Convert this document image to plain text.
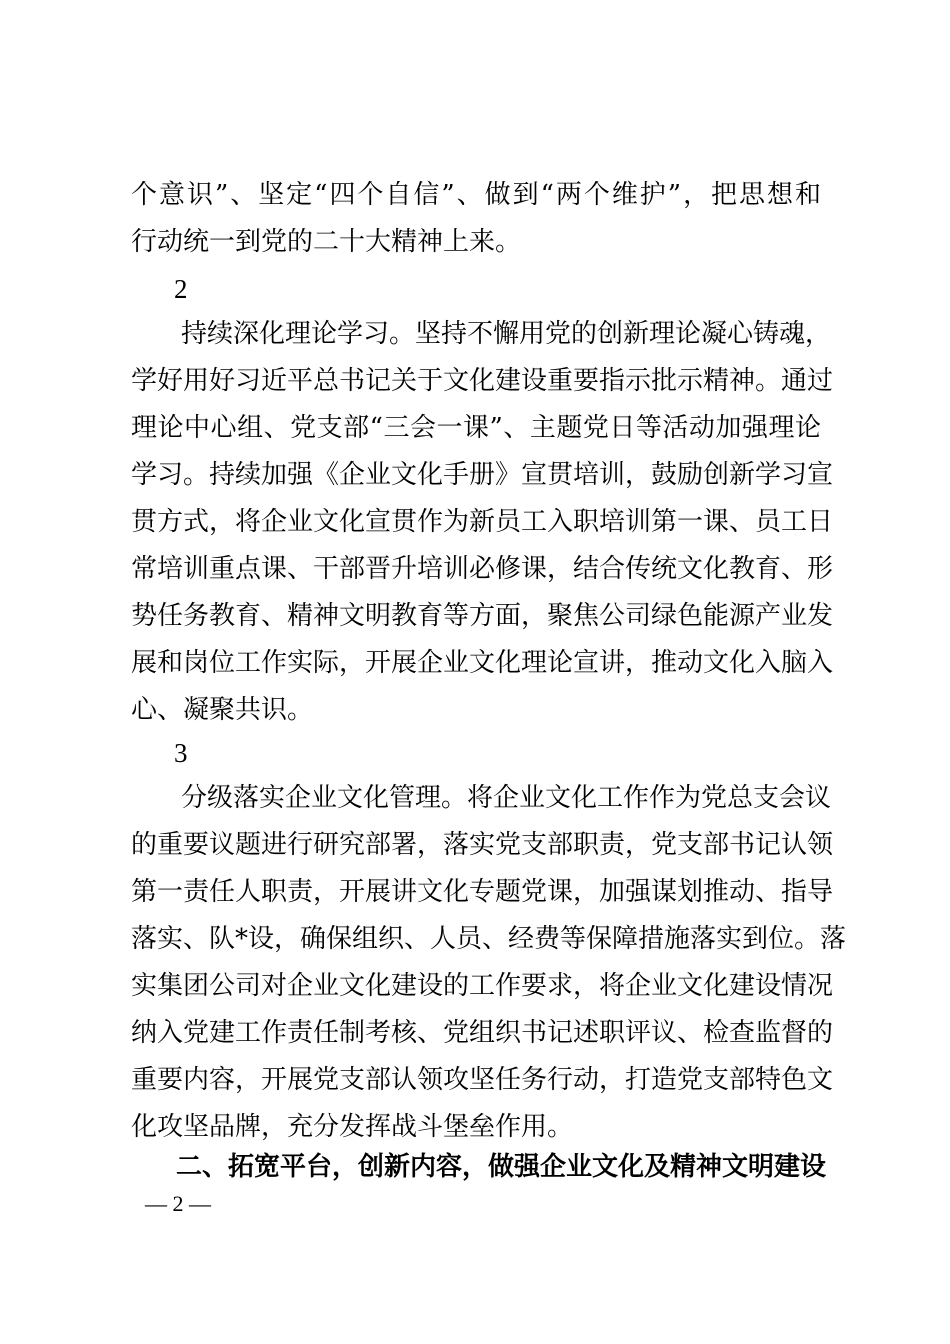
个意识”、坚定“四个自信”、做到“两个维护”，把思想和
行动统一到党的二十大精神上来。
2
持续深化理论学习。坚持不懈用党的创新理论凝心铸魂，
学好用好习近平总书记关于文化建设重要指示批示精神。通过
理论中心组、党支部“三会一课”、主题党日等活动加强理论
学习。持续加强《企业文化手册》宣贯培训，鼓励创新学习宣
贯方式，将企业文化宣贯作为新员工入职培训第一课、员工日
常培训重点课、干部晋升培训必修课，结合传统文化教育、形
势任务教育、精神文明教育等方面，聚焦公司绿色能源产业发
展和岗位工作实际，开展企业文化理论宣讲，推动文化入脑入
心、凝聚共识。
3
分级落实企业文化管理。将企业文化工作作为党总支会议
的重要议题进行研究部署，落实党支部职责，党支部书记认领
第一责任人职责，开展讲文化专题党课，加强谋划推动、指导
落实、队*设，确保组织、人员、经费等保障措施落实到位。落
实集团公司对企业文化建设的工作要求，将企业文化建设情况
纳入党建工作责任制考核、党组织书记述职评议、检查监督的
重要内容，开展党支部认领攻坚任务行动，打造党支部特色文
化攻坚品牌，充分发挥战斗堡垒作用。
二、拓宽平台，创新内容，做强企业文化及精神文明建设
— 2 —
